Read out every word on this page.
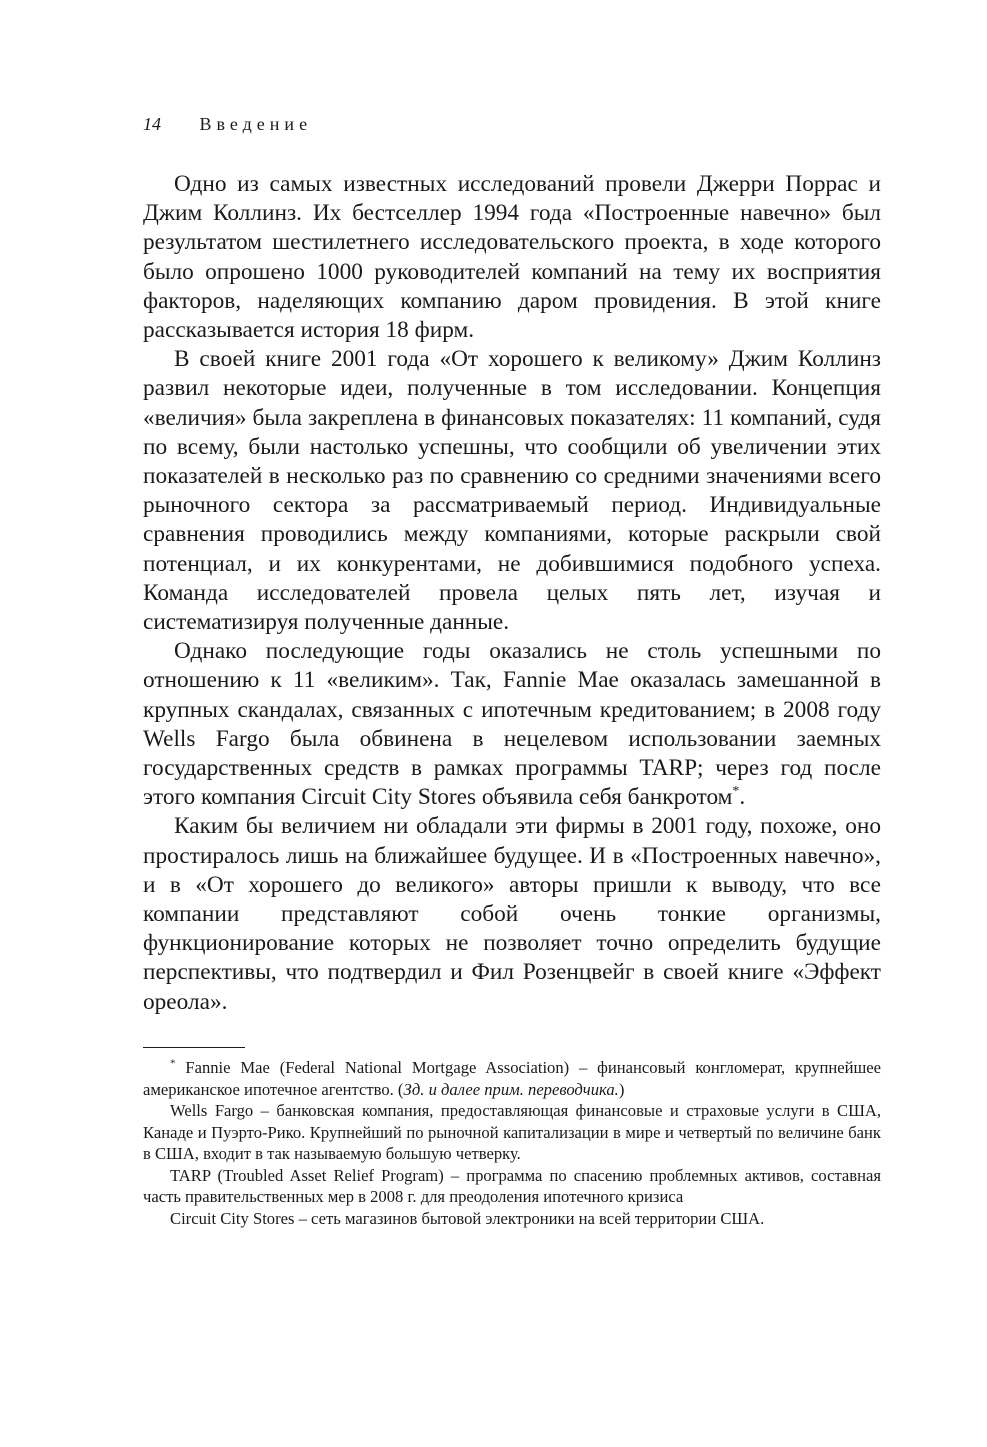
14 Введение

Одно из самых известных исследований провели Джерри Поррас и Джим Коллинз. Их бестселлер 1994 года «Построенные навечно» был результатом шестилетнего исследовательского проекта, в ходе которого было опрошено 1000 руководителей компаний на тему их восприятия факторов, наделяющих компанию даром провидения. В этой книге рассказывается история 18 фирм.

В своей книге 2001 года «От хорошего к великому» Джим Коллинз развил некоторые идеи, полученные в том исследовании. Концепция «величия» была закреплена в финансовых показателях: 11 компаний, судя по всему, были настолько успешны, что сообщили об увеличении этих показателей в несколько раз по сравнению со средними значениями всего рыночного сектора за рассматриваемый период. Индивидуальные сравнения проводились между компаниями, которые раскрыли свой потенциал, и их конкурентами, не добившимися подобного успеха. Команда исследователей провела целых пять лет, изучая и систематизируя полученные данные.

Однако последующие годы оказались не столь успешными по отношению к 11 «великим». Так, Fannie Mae оказалась замешанной в крупных скандалах, связанных с ипотечным кредитованием; в 2008 году Wells Fargo была обвинена в нецелевом использовании заемных государственных средств в рамках программы TARP; через год после этого компания Circuit City Stores объявила себя банкротом*.

Каким бы величием ни обладали эти фирмы в 2001 году, похоже, оно простиралось лишь на ближайшее будущее. И в «Построенных навечно», и в «От хорошего до великого» авторы пришли к выводу, что все компании представляют собой очень тонкие организмы, функционирование которых не позволяет точно определить будущие перспективы, что подтвердил и Фил Розенцвейг в своей книге «Эффект ореола».

* Fannie Mae (Federal National Mortgage Association) – финансовый конгломерат, крупнейшее американское ипотечное агентство. (Зд. и далее прим. переводчика.)

Wells Fargo – банковская компания, предоставляющая финансовые и страховые услуги в США, Канаде и Пуэрто-Рико. Крупнейший по рыночной капитализации в мире и четвертый по величине банк в США, входит в так называемую большую четверку.

TARP (Troubled Asset Relief Program) – программа по спасению проблемных активов, составная часть правительственных мер в 2008 г. для преодоления ипотечного кризиса

Circuit City Stores – сеть магазинов бытовой электроники на всей территории США.
